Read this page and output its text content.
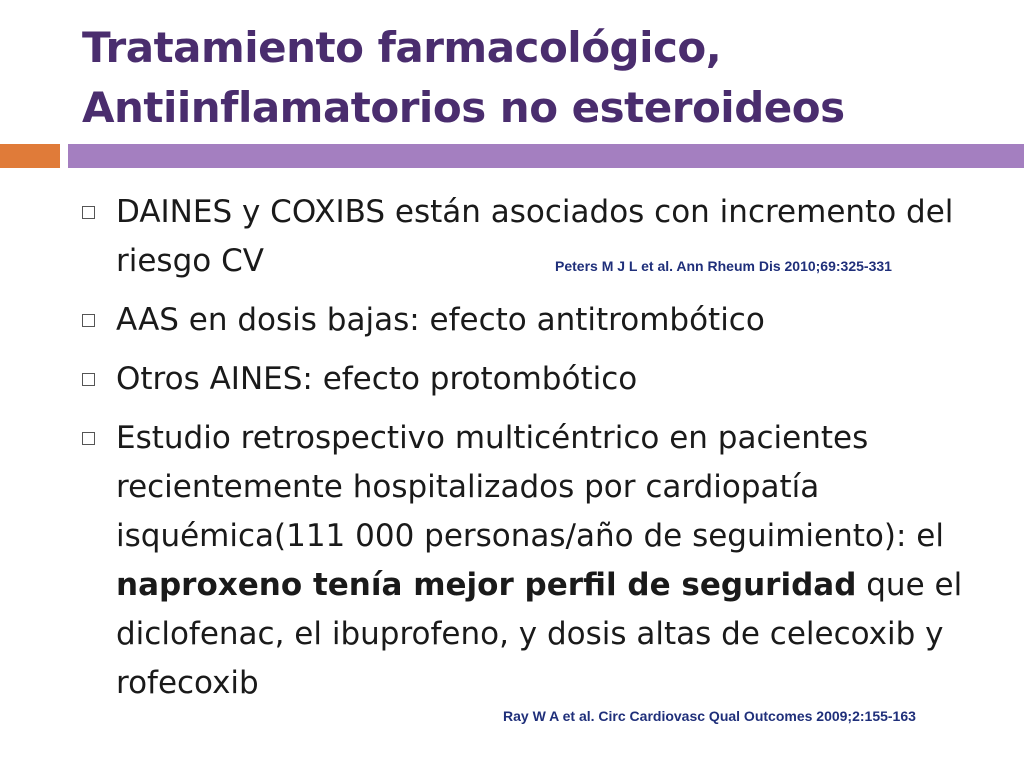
Tratamiento farmacológico,
Antiinflamatorios no esteroideos
DAINES y COXIBS están asociados con incremento del riesgo CV
AAS en dosis bajas: efecto antitrombótico
Otros AINES: efecto protombótico
Estudio retrospectivo multicéntrico en pacientes recientemente hospitalizados por cardiopatía isquémica(111 000 personas/año de seguimiento): el naproxeno tenía mejor perfil de seguridad que el diclofenac, el ibuprofeno, y dosis altas de celecoxib y rofecoxib
Peters M J L et al. Ann Rheum Dis 2010;69:325-331
Ray W A et al. Circ Cardiovasc Qual Outcomes 2009;2:155-163
